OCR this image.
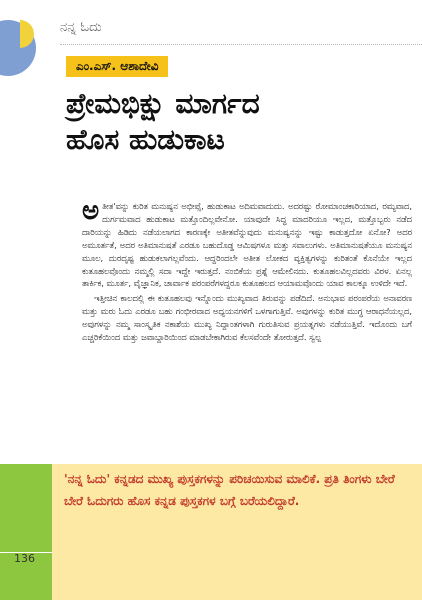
ನನ್ನ ಓದು
ಎಂ.ಎಸ್. ಆಶಾದೇವಿ
ಪ್ರೇಮಭಿಕ್ಷು ಮಾರ್ಗದ
ಹೊಸ ಹುಡುಕಾಟ

ಅ ತೀತ'ವನ್ನು ಕುರಿತ ಮನುಷ್ಯನ ಅಭೀಪ್ಸೆ, ಹುಡುಕಾಟ ಅದಿಮವಾದುದು. ಅದರಷ್ಟು ರೋಮಾಂಚಕಾರಿಯಾದ, ರಮ್ಯವಾದ, ದುರ್ಗಮವಾದ ಹುಡುಕಾಟ ಮತ್ತೊಂದಿಲ್ಲವೇನೋ. ಯಾವುದೇ ಸಿದ್ಧ ಮಾದರಿಯೂ ಇಲ್ಲದ, ಮತ್ತೊಬ್ಬರು ನಡೆದ ದಾರಿಯನ್ನು ಹಿಡಿದು ನಡೆಯಲಾಗದ ಕಾರಣಕ್ಕೇ ಅತೀತವೆನ್ನುವುದು ಮನುಷ್ಯನನ್ನು ಇಷ್ಟು ಕಾಡುತ್ತದೋ ಏನೋ? ಅದರ ಅಮೂರ್ತತೆ, ಅದರ ಅತಿಮಾನುಷತೆ ಎರಡೂ ಬಹುದೊಡ್ಡ ಆಮಿಷಗಳೂ ಮತ್ತು ಸವಾಲುಗಳು. ಅತಿಮಾನುಷತೆಯೂ ಮನುಷ್ಯನ ಮೂಲ, ದುರದೃಷ್ಟ ಹುಡುಕಲಾಗಲ್ಲವೆಂದು. ಆದ್ದರಿಂದಲೇ ಅತೀತ ಲೋಕದ ವ್ಯಕ್ತಿತ್ವಗಳನ್ನು ಕುರಿತಂತೆ ಕೊನೆಯೇ ಇಲ್ಲದ ಕುತೂಹಲವೊಂದು ನಮ್ಮಲ್ಲಿ ಸದಾ ಇದ್ದೇ ಇರುತ್ತದೆ. ನಂಬಿಕೆಯ ಪ್ರಶ್ನೆ ಆಮೇಲಿನದು. ಕುತೂಹಲವಿಲ್ಲದವರು ವಿರಳ. ಏನಲ್ಲ ತಾರ್ಕಿಕ, ಮೂರ್ತ, ವೈಜ್ಞಾನಿಕ, ಚಾರ್ವಾಕ ಪರಂಪರೆಗಳದ್ದರೂ ಕುತೂಹಲದ ಆಯಾಮವೊಂದು ಯಾವ ಕಾಲಕ್ಕೂ ಉಳಿದೇ ಇದೆ.

ಇತ್ತೀಚಿನ ಕಾಲದಲ್ಲಿ ಈ ಕುತೂಹಲವು ಇನ್ನೊಂದು ಮುಖ್ಯವಾದ ತಿರುವನ್ನು ಪಡೆದಿದೆ. ಅನುಭಾವ ಪರಂಪರೆಯ ಅನಾವರಣ ಮತ್ತು ಮರು ಓದು ಎರಡೂ ಬಹು ಗಂಭೀರವಾದ ಅಧ್ಯಯನಗಳಿಗೆ ಒಳಗಾಗುತ್ತಿವೆ. ಅವುಗಳನ್ನು ಕುರಿತ ಮುಗ್ಧ ಆರಾಧನೆಯಲ್ಲದ, ಅವುಗಳನ್ನು ನಮ್ಮ ಸಾಂಸ್ಕೃತಿಕ ನಕಾಶೆಯ ಮುಖ್ಯ ನಿದ್ದಾಂತಗಳಾಗಿ ಗುರುತಿಸುವ ಪ್ರಯತ್ನಗಳು ನಡೆಯುತ್ತಿವೆ. ಇದೊಂದು ಬಗೆ ಎಚ್ಚರಿಕೆಯಿಂದ ಮತ್ತು ಜವಾಬ್ದಾರಿಯಿಂದ ಮಾಡಬೇಕಾಗಿರುವ ಕೆಲಸವೆಂದೇ ತೋರುತ್ತದೆ. ಸ್ವಲ್ಪ

'ನನ್ನ ಓದು' ಕನ್ನಡದ ಮುಖ್ಯ ಪುಸ್ತಕಗಳನ್ನು ಪರಿಚಯಿಸುವ ಮಾಲಿಕೆ. ಪ್ರತಿ ತಿಂಗಳು ಬೇರೆ ಬೇರೆ ಓದುಗರು ಹೊಸ ಕನ್ನಡ ಪುಸ್ತಕಗಳ ಬಗ್ಗೆ ಬರೆಯಲಿದ್ದಾರೆ.
136
